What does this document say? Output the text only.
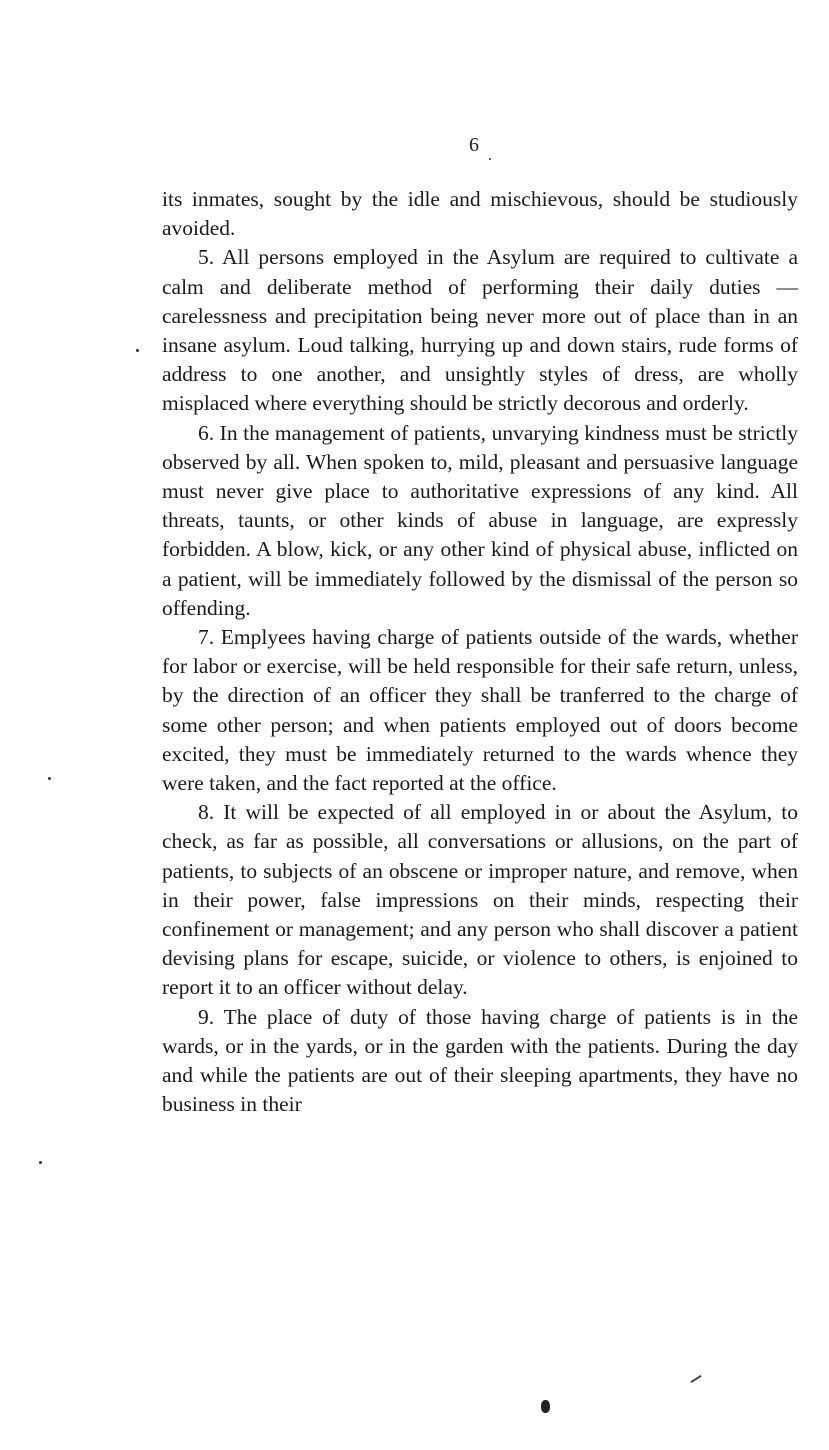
6

its inmates, sought by the idle and mischievous, should be studiously avoided.

5. All persons employed in the Asylum are required to cultivate a calm and deliberate method of performing their daily duties — carelessness and precipitation being never more out of place than in an insane asylum. Loud talking, hurrying up and down stairs, rude forms of address to one another, and unsightly styles of dress, are wholly misplaced where everything should be strictly decorous and orderly.

6. In the management of patients, unvarying kindness must be strictly observed by all. When spoken to, mild, pleasant and persuasive language must never give place to authoritative expressions of any kind. All threats, taunts, or other kinds of abuse in language, are expressly forbidden. A blow, kick, or any other kind of physical abuse, inflicted on a patient, will be immediately followed by the dismissal of the person so offending.

7. Emplyees having charge of patients outside of the wards, whether for labor or exercise, will be held responsible for their safe return, unless, by the direction of an officer they shall be tranferred to the charge of some other person; and when patients employed out of doors become excited, they must be immediately returned to the wards whence they were taken, and the fact reported at the office.

8. It will be expected of all employed in or about the Asylum, to check, as far as possible, all conversations or allusions, on the part of patients, to subjects of an obscene or improper nature, and remove, when in their power, false impressions on their minds, respecting their confinement or management; and any person who shall discover a patient devising plans for escape, suicide, or violence to others, is enjoined to report it to an officer without delay.

9. The place of duty of those having charge of patients is in the wards, or in the yards, or in the garden with the patients. During the day and while the patients are out of their sleeping apartments, they have no business in their
